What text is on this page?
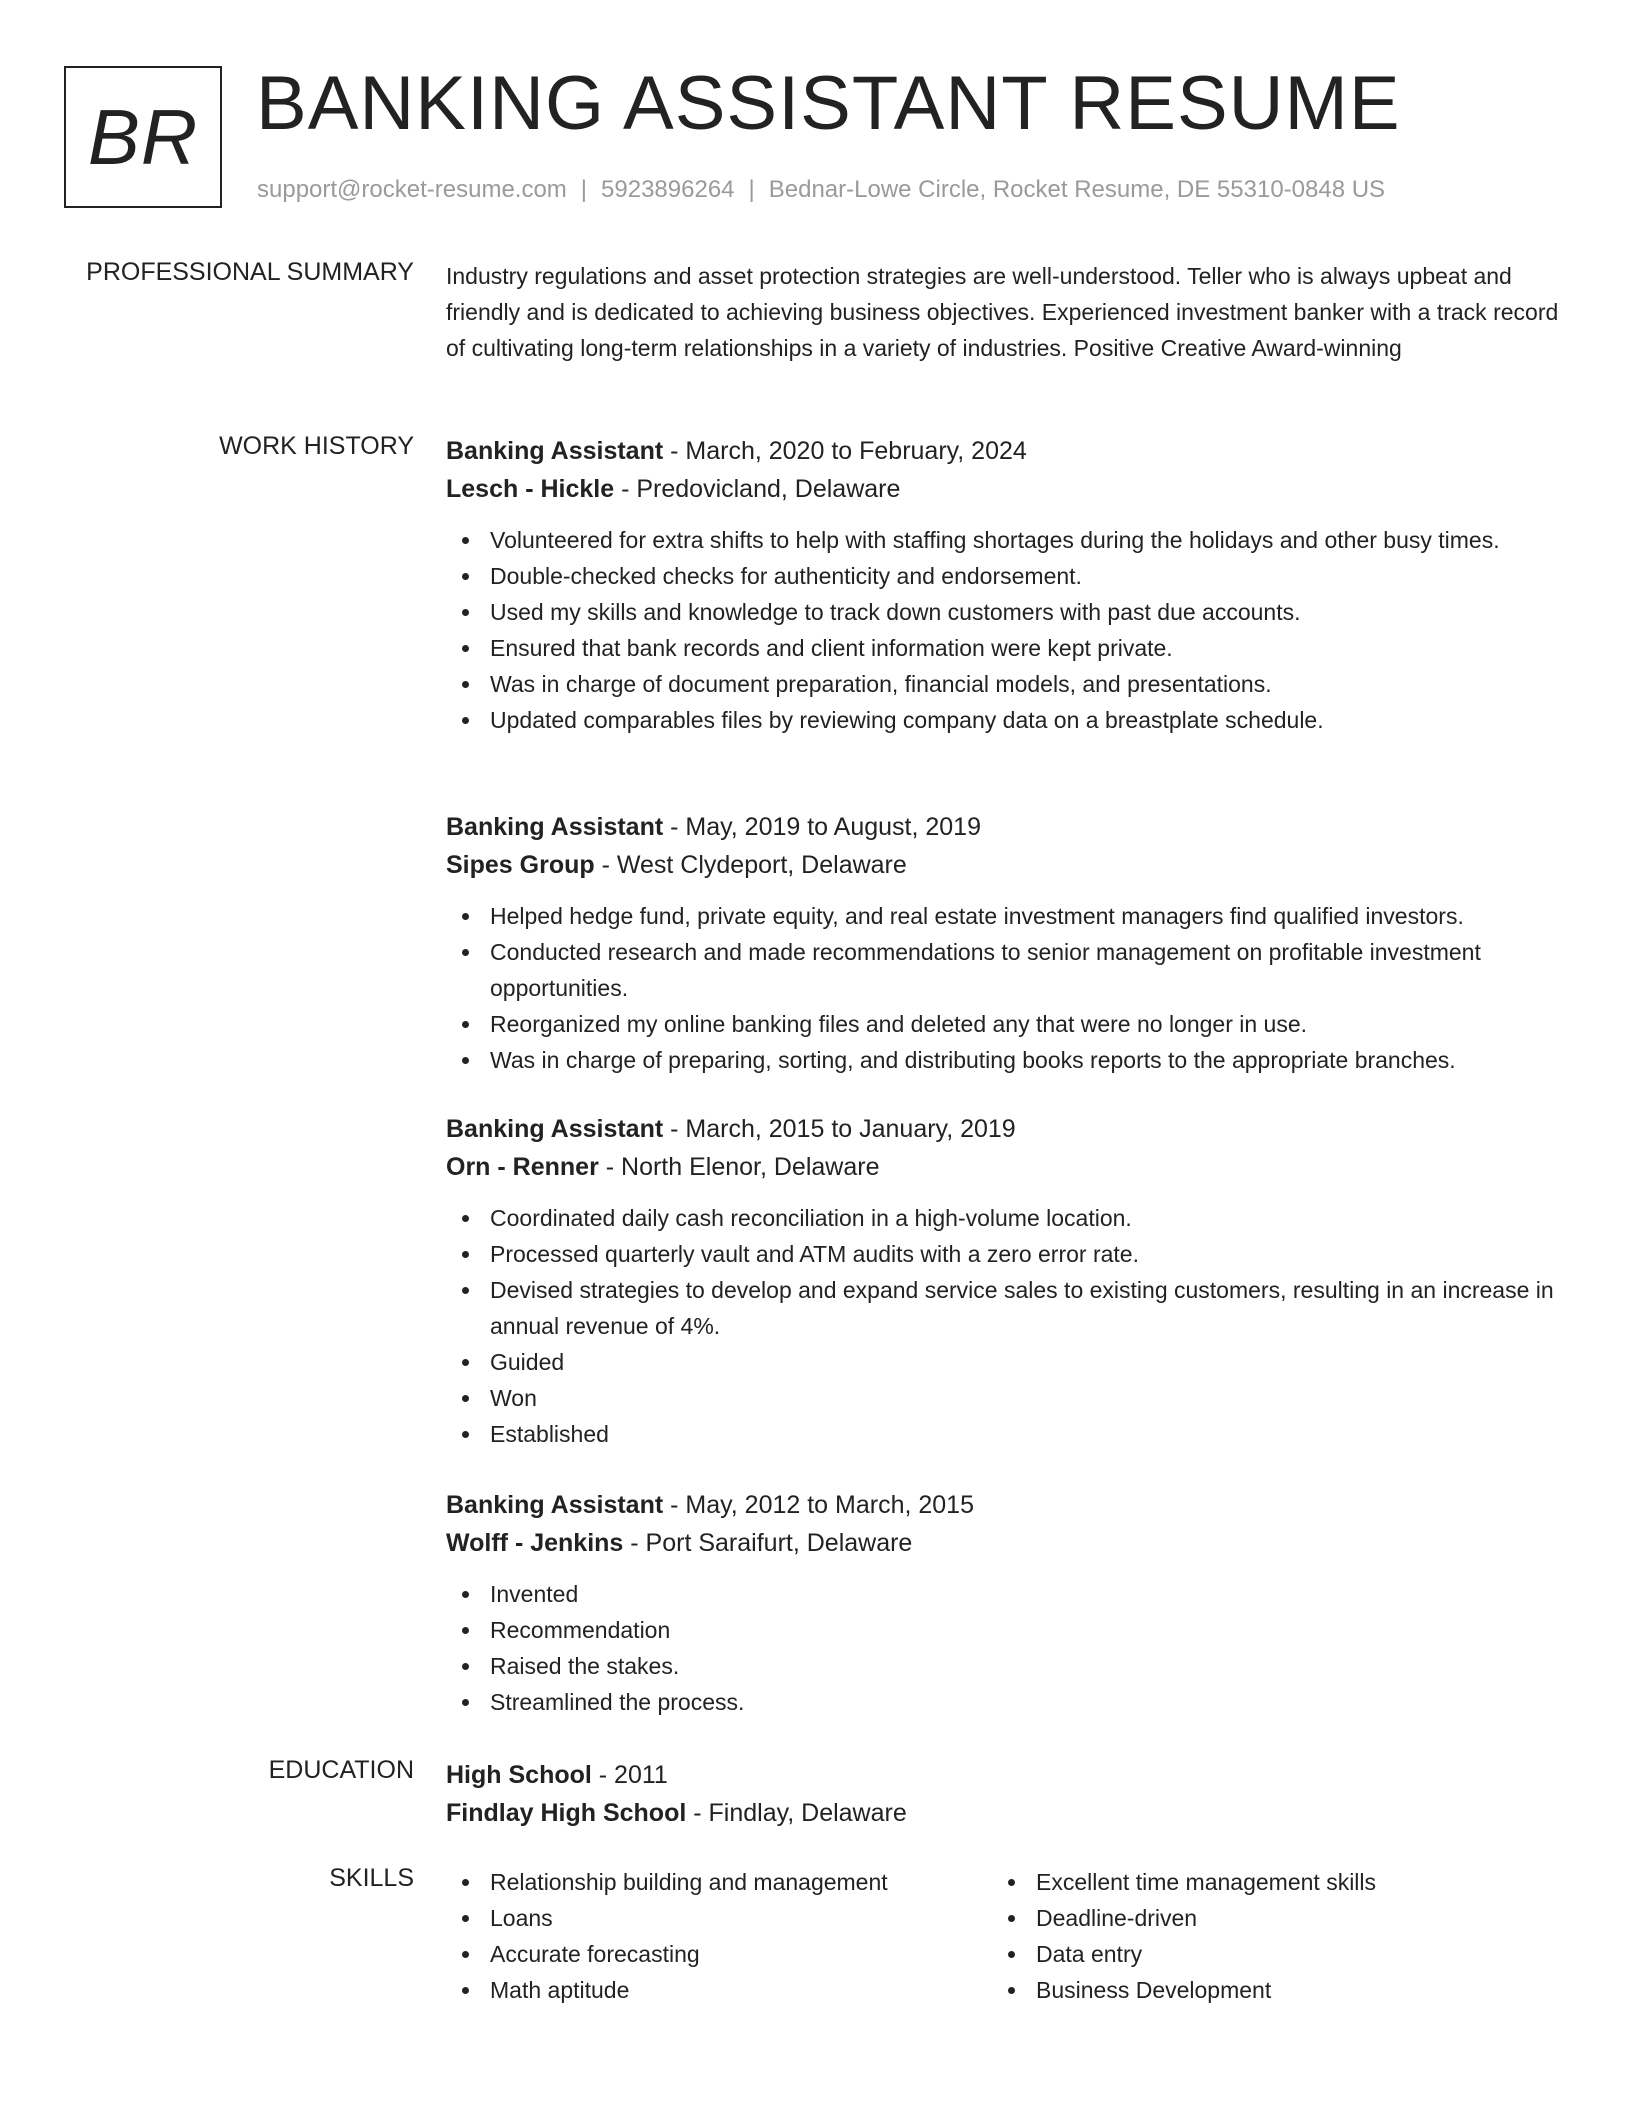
BR BANKING ASSISTANT RESUME
support@rocket-resume.com | 5923896264 | Bednar-Lowe Circle, Rocket Resume, DE 55310-0848 US
PROFESSIONAL SUMMARY Industry regulations and asset protection strategies are well-understood. Teller who is always upbeat and friendly and is dedicated to achieving business objectives. Experienced investment banker with a track record of cultivating long-term relationships in a variety of industries. Positive Creative Award-winning

WORK HISTORY Banking Assistant - March, 2020 to February, 2024
Lesch - Hickle - Predovicland, Delaware
Volunteered for extra shifts to help with staffing shortages during the holidays and other busy times.
Double-checked checks for authenticity and endorsement.
Used my skills and knowledge to track down customers with past due accounts.
Ensured that bank records and client information were kept private.
Was in charge of document preparation, financial models, and presentations.
Updated comparables files by reviewing company data on a breastplate schedule.
Banking Assistant - May, 2019 to August, 2019
Sipes Group - West Clydeport, Delaware
Helped hedge fund, private equity, and real estate investment managers find qualified investors.
Conducted research and made recommendations to senior management on profitable investment opportunities.
Reorganized my online banking files and deleted any that were no longer in use.
Was in charge of preparing, sorting, and distributing books reports to the appropriate branches.
Banking Assistant - March, 2015 to January, 2019
Orn - Renner - North Elenor, Delaware
Coordinated daily cash reconciliation in a high-volume location.
Processed quarterly vault and ATM audits with a zero error rate.
Devised strategies to develop and expand service sales to existing customers, resulting in an increase in annual revenue of 4%.
Guided
Won
Established
Banking Assistant - May, 2012 to March, 2015
Wolff - Jenkins - Port Saraifurt, Delaware
Invented
Recommendation
Raised the stakes.
Streamlined the process.
EDUCATION High School - 2011
Findlay High School - Findlay, Delaware
SKILLS	Relationship building and management
Loans
Accurate forecasting
Math aptitude
Excellent time management skills
Deadline-driven
Data entry
Business Development
